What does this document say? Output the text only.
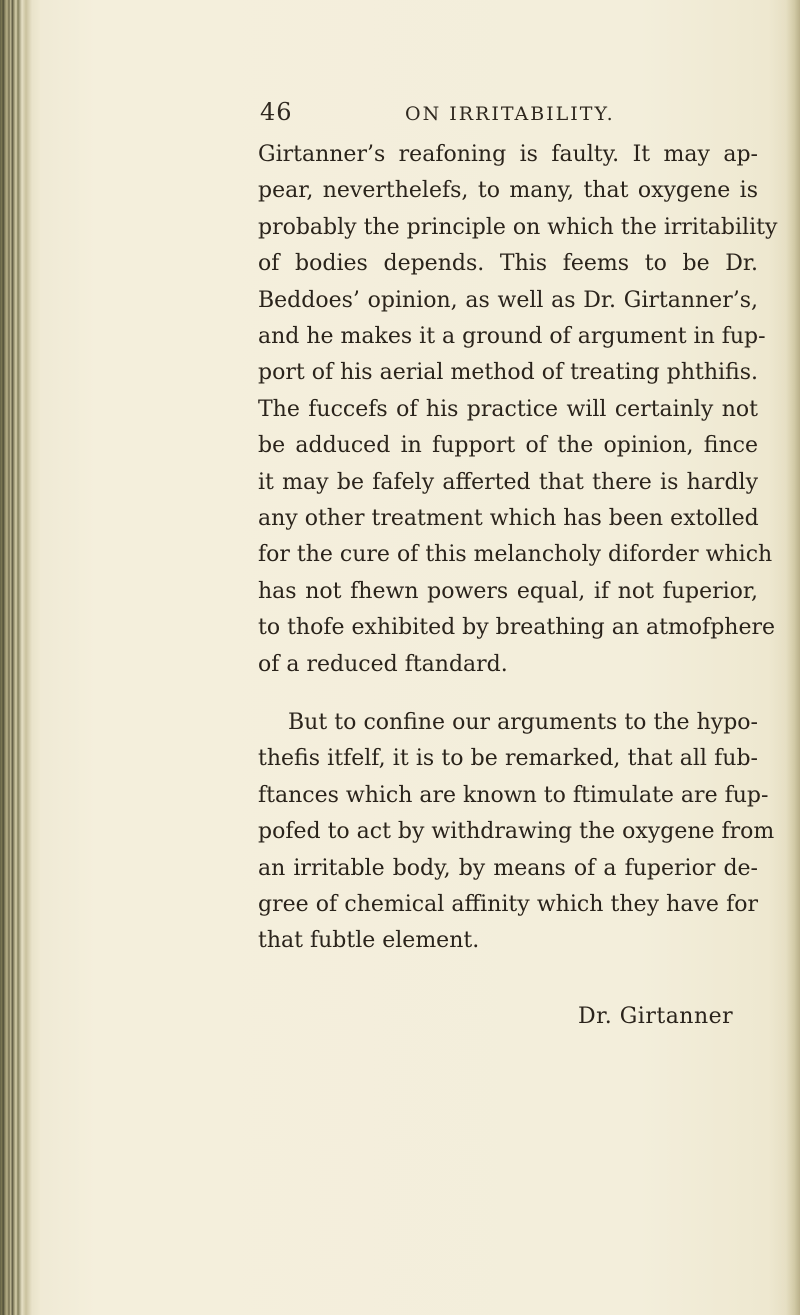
46	ON IRRITABILITY.
Girtanner’s reafoning is faulty. It may ap-
pear, neverthelefs, to many, that oxygene is
probably the principle on which the irritability
of bodies depends. This feems to be Dr.
Beddoes’ opinion, as well as Dr. Girtanner’s,
and he makes it a ground of argument in fup-
port of his aerial method of treating phthifis.
The fuccefs of his practice will certainly not
be adduced in fupport of the opinion, fince
it may be fafely afferted that there is hardly
any other treatment which has been extolled
for the cure of this melancholy diforder which
has not fhewn powers equal, if not fuperior,
to thofe exhibited by breathing an atmofphere
of a reduced ftandard.
But to confine our arguments to the hypo-
thefis itfelf, it is to be remarked, that all fub-
ftances which are known to ftimulate are fup-
pofed to act by withdrawing the oxygene from
an irritable body, by means of a fuperior de-
gree of chemical affinity which they have for
that fubtle element.
Dr. Girtanner
